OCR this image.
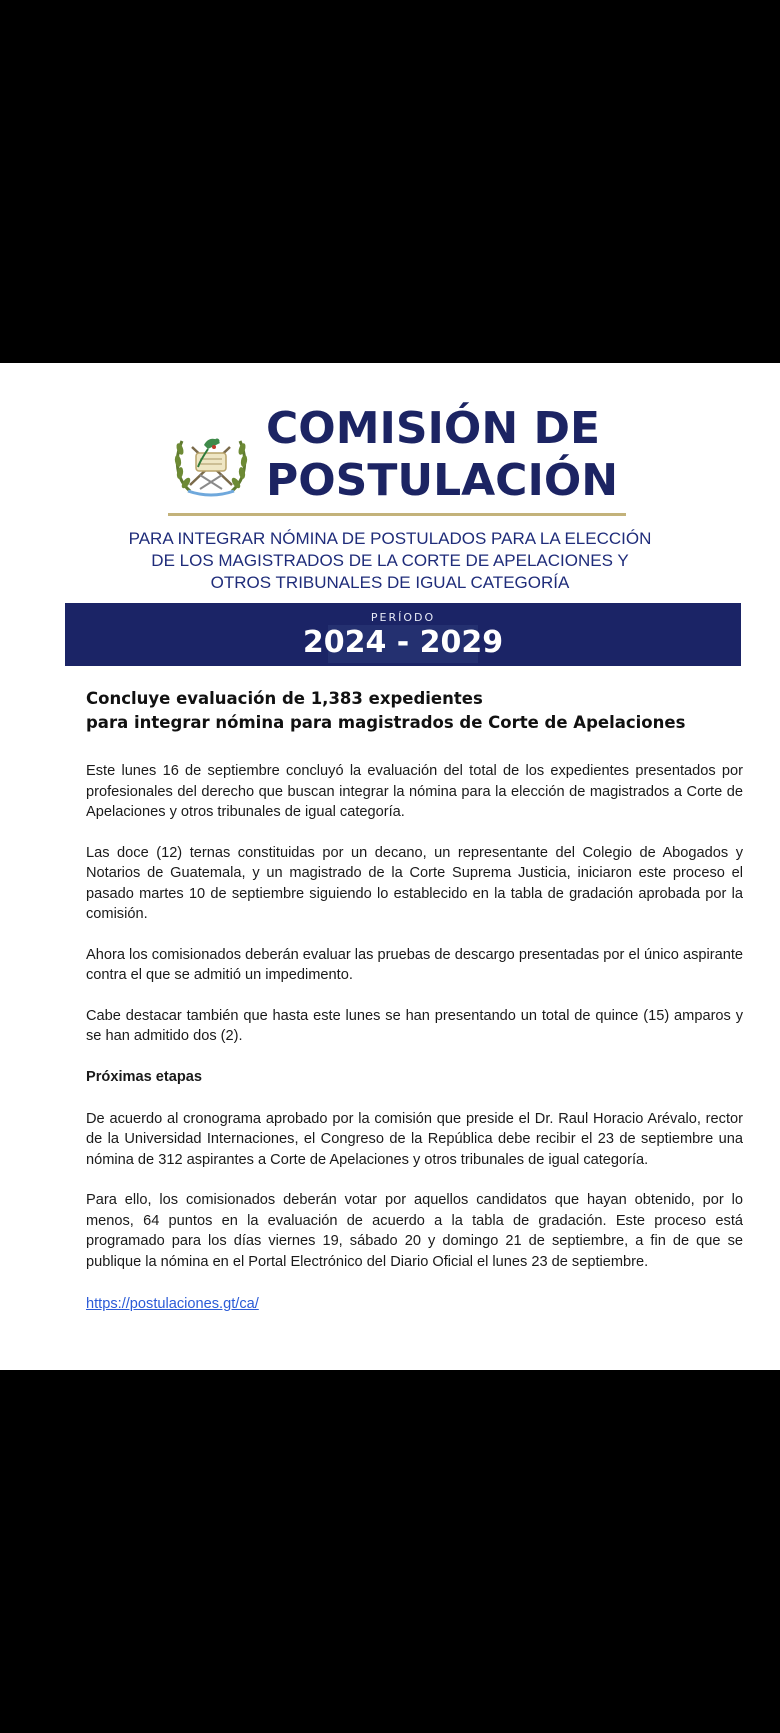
COMISIÓN DE
POSTULACIÓN
PARA INTEGRAR NÓMINA DE POSTULADOS PARA LA ELECCIÓN
DE LOS MAGISTRADOS DE LA CORTE DE APELACIONES Y
OTROS TRIBUNALES DE IGUAL CATEGORÍA
PERÍODO
2024 - 2029
Concluye evaluación de 1,383 expedientes
para integrar nómina para magistrados de Corte de Apelaciones

Este lunes 16 de septiembre concluyó la evaluación del total de los expedientes presentados por profesionales del derecho que buscan integrar la nómina para la elección de magistrados a Corte de Apelaciones y otros tribunales de igual categoría.

Las doce (12) ternas constituidas por un decano, un representante del Colegio de Abogados y Notarios de Guatemala, y un magistrado de la Corte Suprema Justicia, iniciaron este proceso el pasado martes 10 de septiembre siguiendo lo establecido en la tabla de gradación aprobada por la comisión.

Ahora los comisionados deberán evaluar las pruebas de descargo presentadas por el único aspirante contra el que se admitió un impedimento.

Cabe destacar también que hasta este lunes se han presentando un total de quince (15) amparos y se han admitido dos (2).

Próximas etapas

De acuerdo al cronograma aprobado por la comisión que preside el Dr. Raul Horacio Arévalo, rector de la Universidad Internaciones, el Congreso de la República debe recibir el 23 de septiembre una nómina de 312 aspirantes a Corte de Apelaciones y otros tribunales de igual categoría.

Para ello, los comisionados deberán votar por aquellos candidatos que hayan obtenido, por lo menos, 64 puntos en la evaluación de acuerdo a la tabla de gradación. Este proceso está programado para los días viernes 19, sábado 20 y domingo 21 de septiembre, a fin de que se publique la nómina en el Portal Electrónico del Diario Oficial el lunes 23 de septiembre.

https://postulaciones.gt/ca/
